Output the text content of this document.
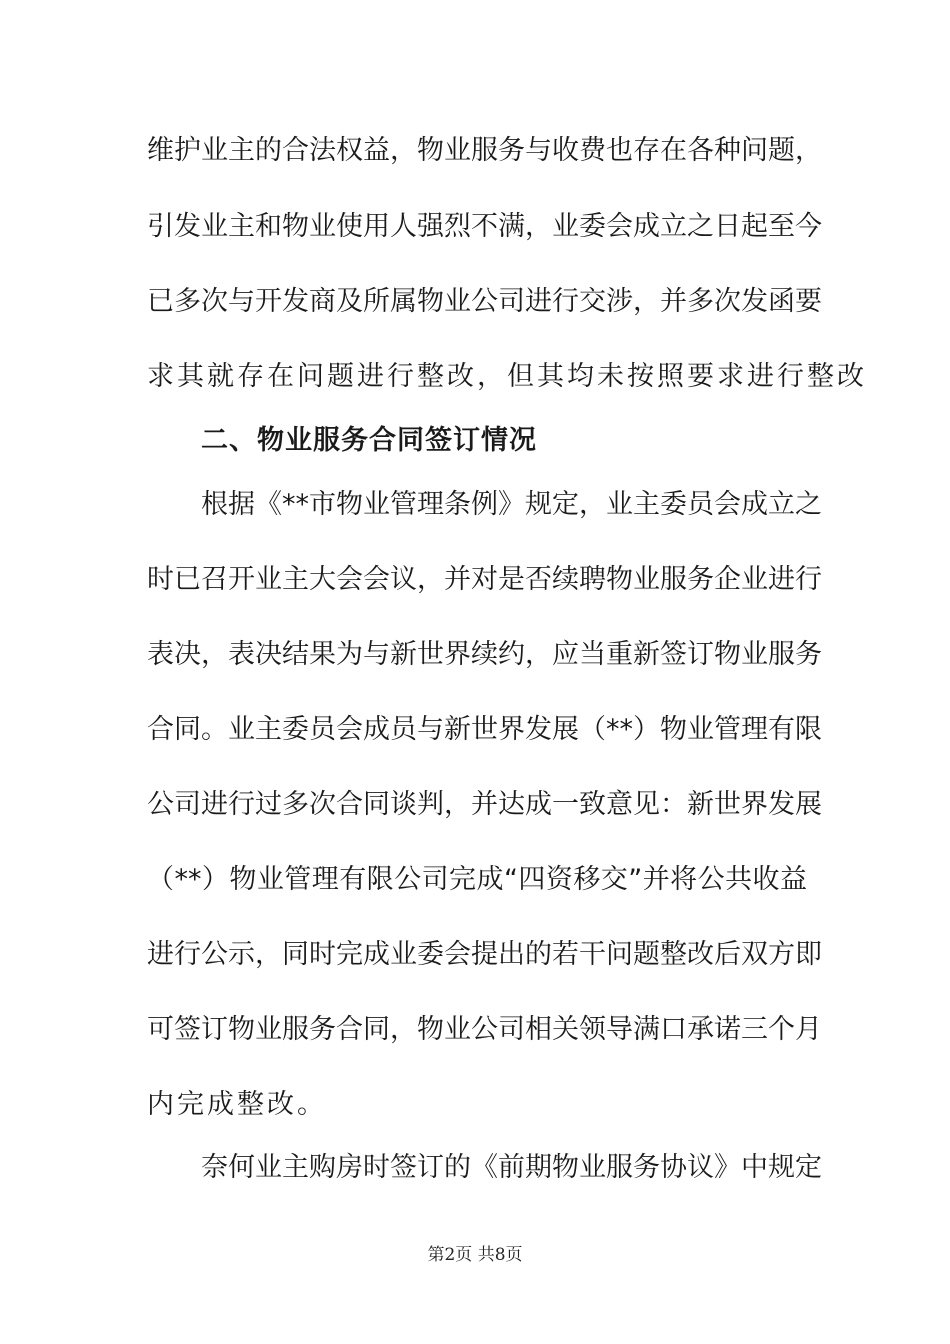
维护业主的合法权益，物业服务与收费也存在各种问题，
引发业主和物业使用人强烈不满，业委会成立之日起至今
已多次与开发商及所属物业公司进行交涉，并多次发函要
求其就存在问题进行整改，但其均未按照要求进行整改
二、物业服务合同签订情况
根据《**市物业管理条例》规定，业主委员会成立之
时已召开业主大会会议，并对是否续聘物业服务企业进行
表决，表决结果为与新世界续约，应当重新签订物业服务
合同。业主委员会成员与新世界发展（**）物业管理有限
公司进行过多次合同谈判，并达成一致意见：新世界发展
（**）物业管理有限公司完成“四资移交”并将公共收益
进行公示，同时完成业委会提出的若干问题整改后双方即
可签订物业服务合同，物业公司相关领导满口承诺三个月
内完成整改。
奈何业主购房时签订的《前期物业服务协议》中规定
第2页 共8页
